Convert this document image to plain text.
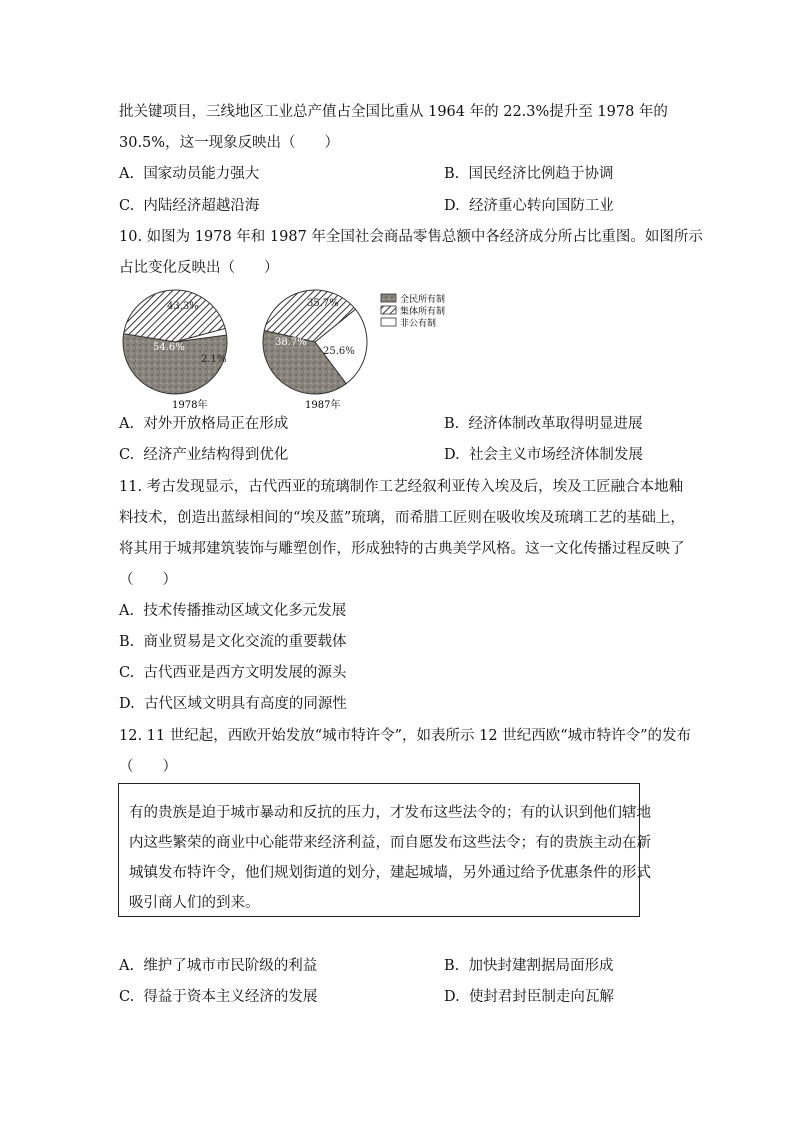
批关键项目，三线地区工业总产值占全国比重从 1964 年的 22.3%提升至 1978 年的
30.5%，这一现象反映出（　　）
A. 国家动员能力强大	B. 国民经济比例趋于协调
C. 内陆经济超越沿海	D. 经济重心转向国防工业
10. 如图为 1978 年和 1987 年全国社会商品零售总额中各经济成分所占比重图。如图所示
占比变化反映出（　　）
54.6%
43.3%
2.1%
38.7%
35.7%
25.6%
全民所有制
集体所有制
非公有制
1978年	1987年
A. 对外开放格局正在形成	B. 经济体制改革取得明显进展
C. 经济产业结构得到优化	D. 社会主义市场经济体制发展
11. 考古发现显示，古代西亚的琉璃制作工艺经叙利亚传入埃及后，埃及工匠融合本地釉
料技术，创造出蓝绿相间的“埃及蓝”琉璃，而希腊工匠则在吸收埃及琉璃工艺的基础上，
将其用于城邦建筑装饰与雕塑创作，形成独特的古典美学风格。这一文化传播过程反映了
（　　）
A. 技术传播推动区域文化多元发展
B. 商业贸易是文化交流的重要载体
C. 古代西亚是西方文明发展的源头
D. 古代区域文明具有高度的同源性
12. 11 世纪起，西欧开始发放“城市特许令”，如表所示 12 世纪西欧“城市特许令”的发布
（　　）

有的贵族是迫于城市暴动和反抗的压力，才发布这些法令的；有的认识到他们辖地

内这些繁荣的商业中心能带来经济利益，而自愿发布这些法令；有的贵族主动在新

城镇发布特许令，他们规划街道的划分，建起城墙，另外通过给予优惠条件的形式

吸引商人们的到来。

A. 维护了城市市民阶级的利益	B. 加快封建割据局面形成
C. 得益于资本主义经济的发展	D. 使封君封臣制走向瓦解
